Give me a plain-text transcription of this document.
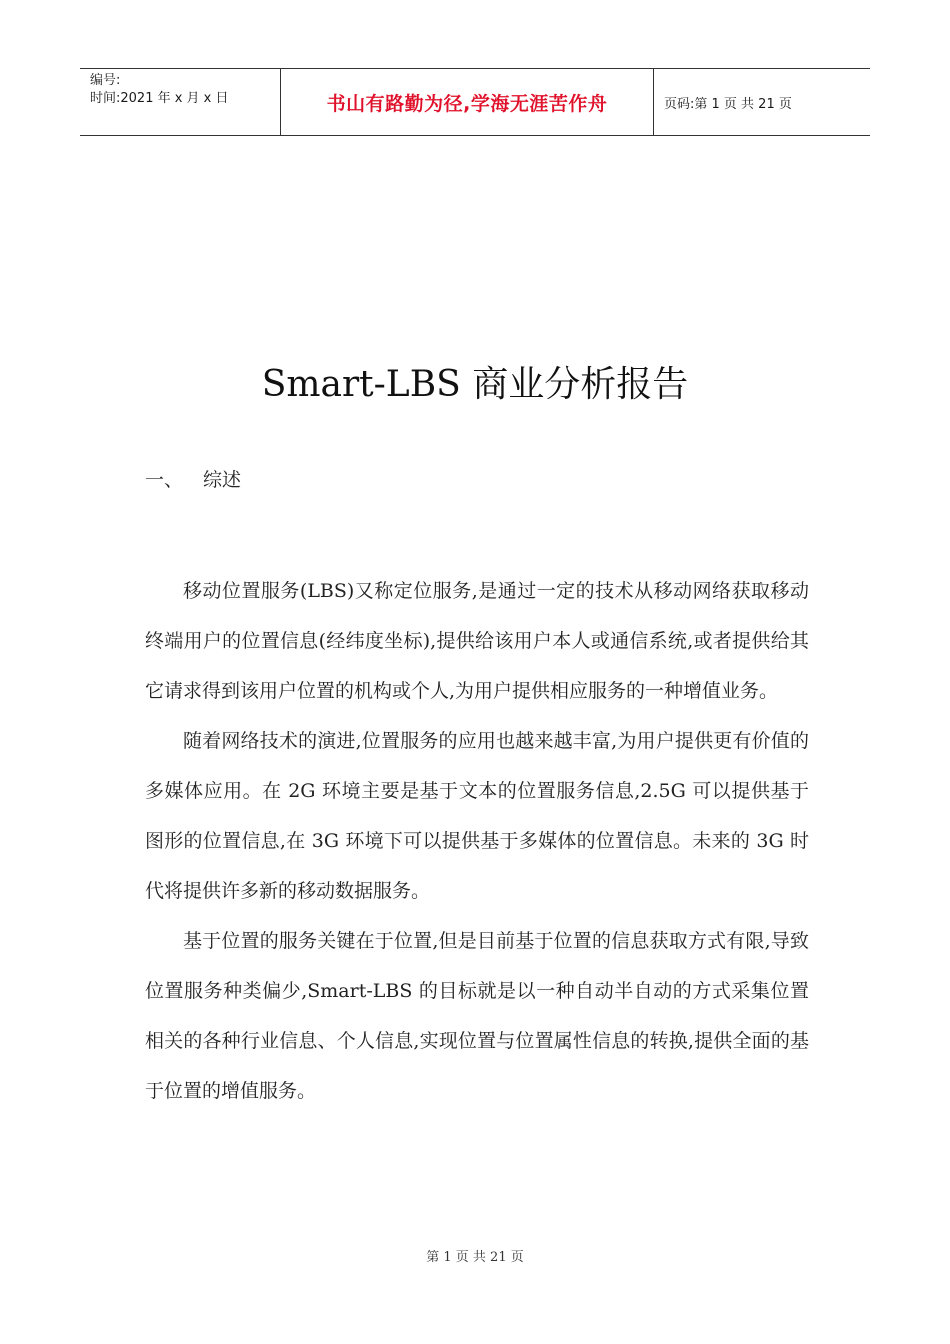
编号:
时间:2021 年 x 月 x 日	书山有路勤为径,学海无涯苦作舟	页码:第 1 页 共 21 页
Smart-LBS 商业分析报告
一、 综述

移动位置服务(LBS)又称定位服务,是通过一定的技术从移动网络获取移动终端用户的位置信息(经纬度坐标),提供给该用户本人或通信系统,或者提供给其它请求得到该用户位置的机构或个人,为用户提供相应服务的一种增值业务。

随着网络技术的演进,位置服务的应用也越来越丰富,为用户提供更有价值的多媒体应用。在 2G 环境主要是基于文本的位置服务信息,2.5G 可以提供基于图形的位置信息,在 3G 环境下可以提供基于多媒体的位置信息。未来的 3G 时代将提供许多新的移动数据服务。

基于位置的服务关键在于位置,但是目前基于位置的信息获取方式有限,导致位置服务种类偏少,Smart-LBS 的目标就是以一种自动半自动的方式采集位置相关的各种行业信息、个人信息,实现位置与位置属性信息的转换,提供全面的基于位置的增值服务。

第 1 页 共 21 页
